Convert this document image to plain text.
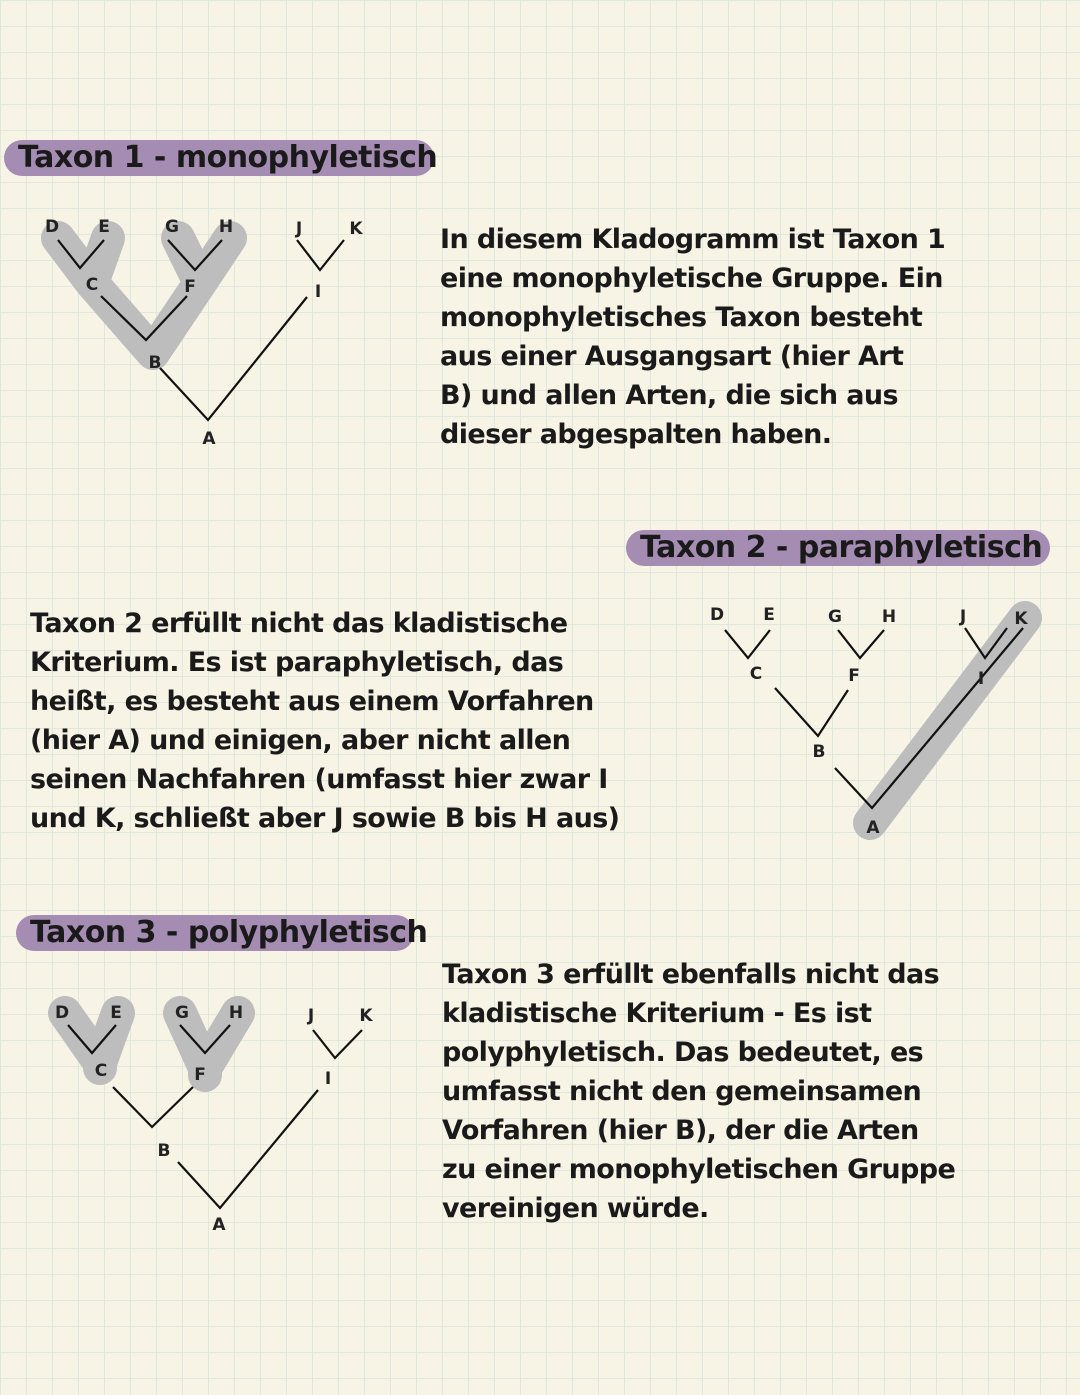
Taxon 1 - monophyletisch
Taxon 2 - paraphyletisch
Taxon 3 - polyphyletisch
In diesem Kladogramm ist Taxon 1
eine monophyletische Gruppe. Ein
monophyletisches Taxon besteht
aus einer Ausgangsart (hier Art
B) und allen Arten, die sich aus
dieser abgespalten haben.
Taxon 2 erfüllt nicht das kladistische
Kriterium. Es ist paraphyletisch, das
heißt, es besteht aus einem Vorfahren
(hier A) und einigen, aber nicht allen
seinen Nachfahren (umfasst hier zwar I
und K, schließt aber J sowie B bis H aus)
Taxon 3 erfüllt ebenfalls nicht das
kladistische Kriterium - Es ist
polyphyletisch. Das bedeutet, es
umfasst nicht den gemeinsamen
Vorfahren (hier B), der die Arten
zu einer monophyletischen Gruppe
vereinigen würde.
D E	G H	J	K
C	F	I
B
A
D E	G H	J	K
C	F	I
B
A
D E	G H	J	K
C	F	I
B
A
